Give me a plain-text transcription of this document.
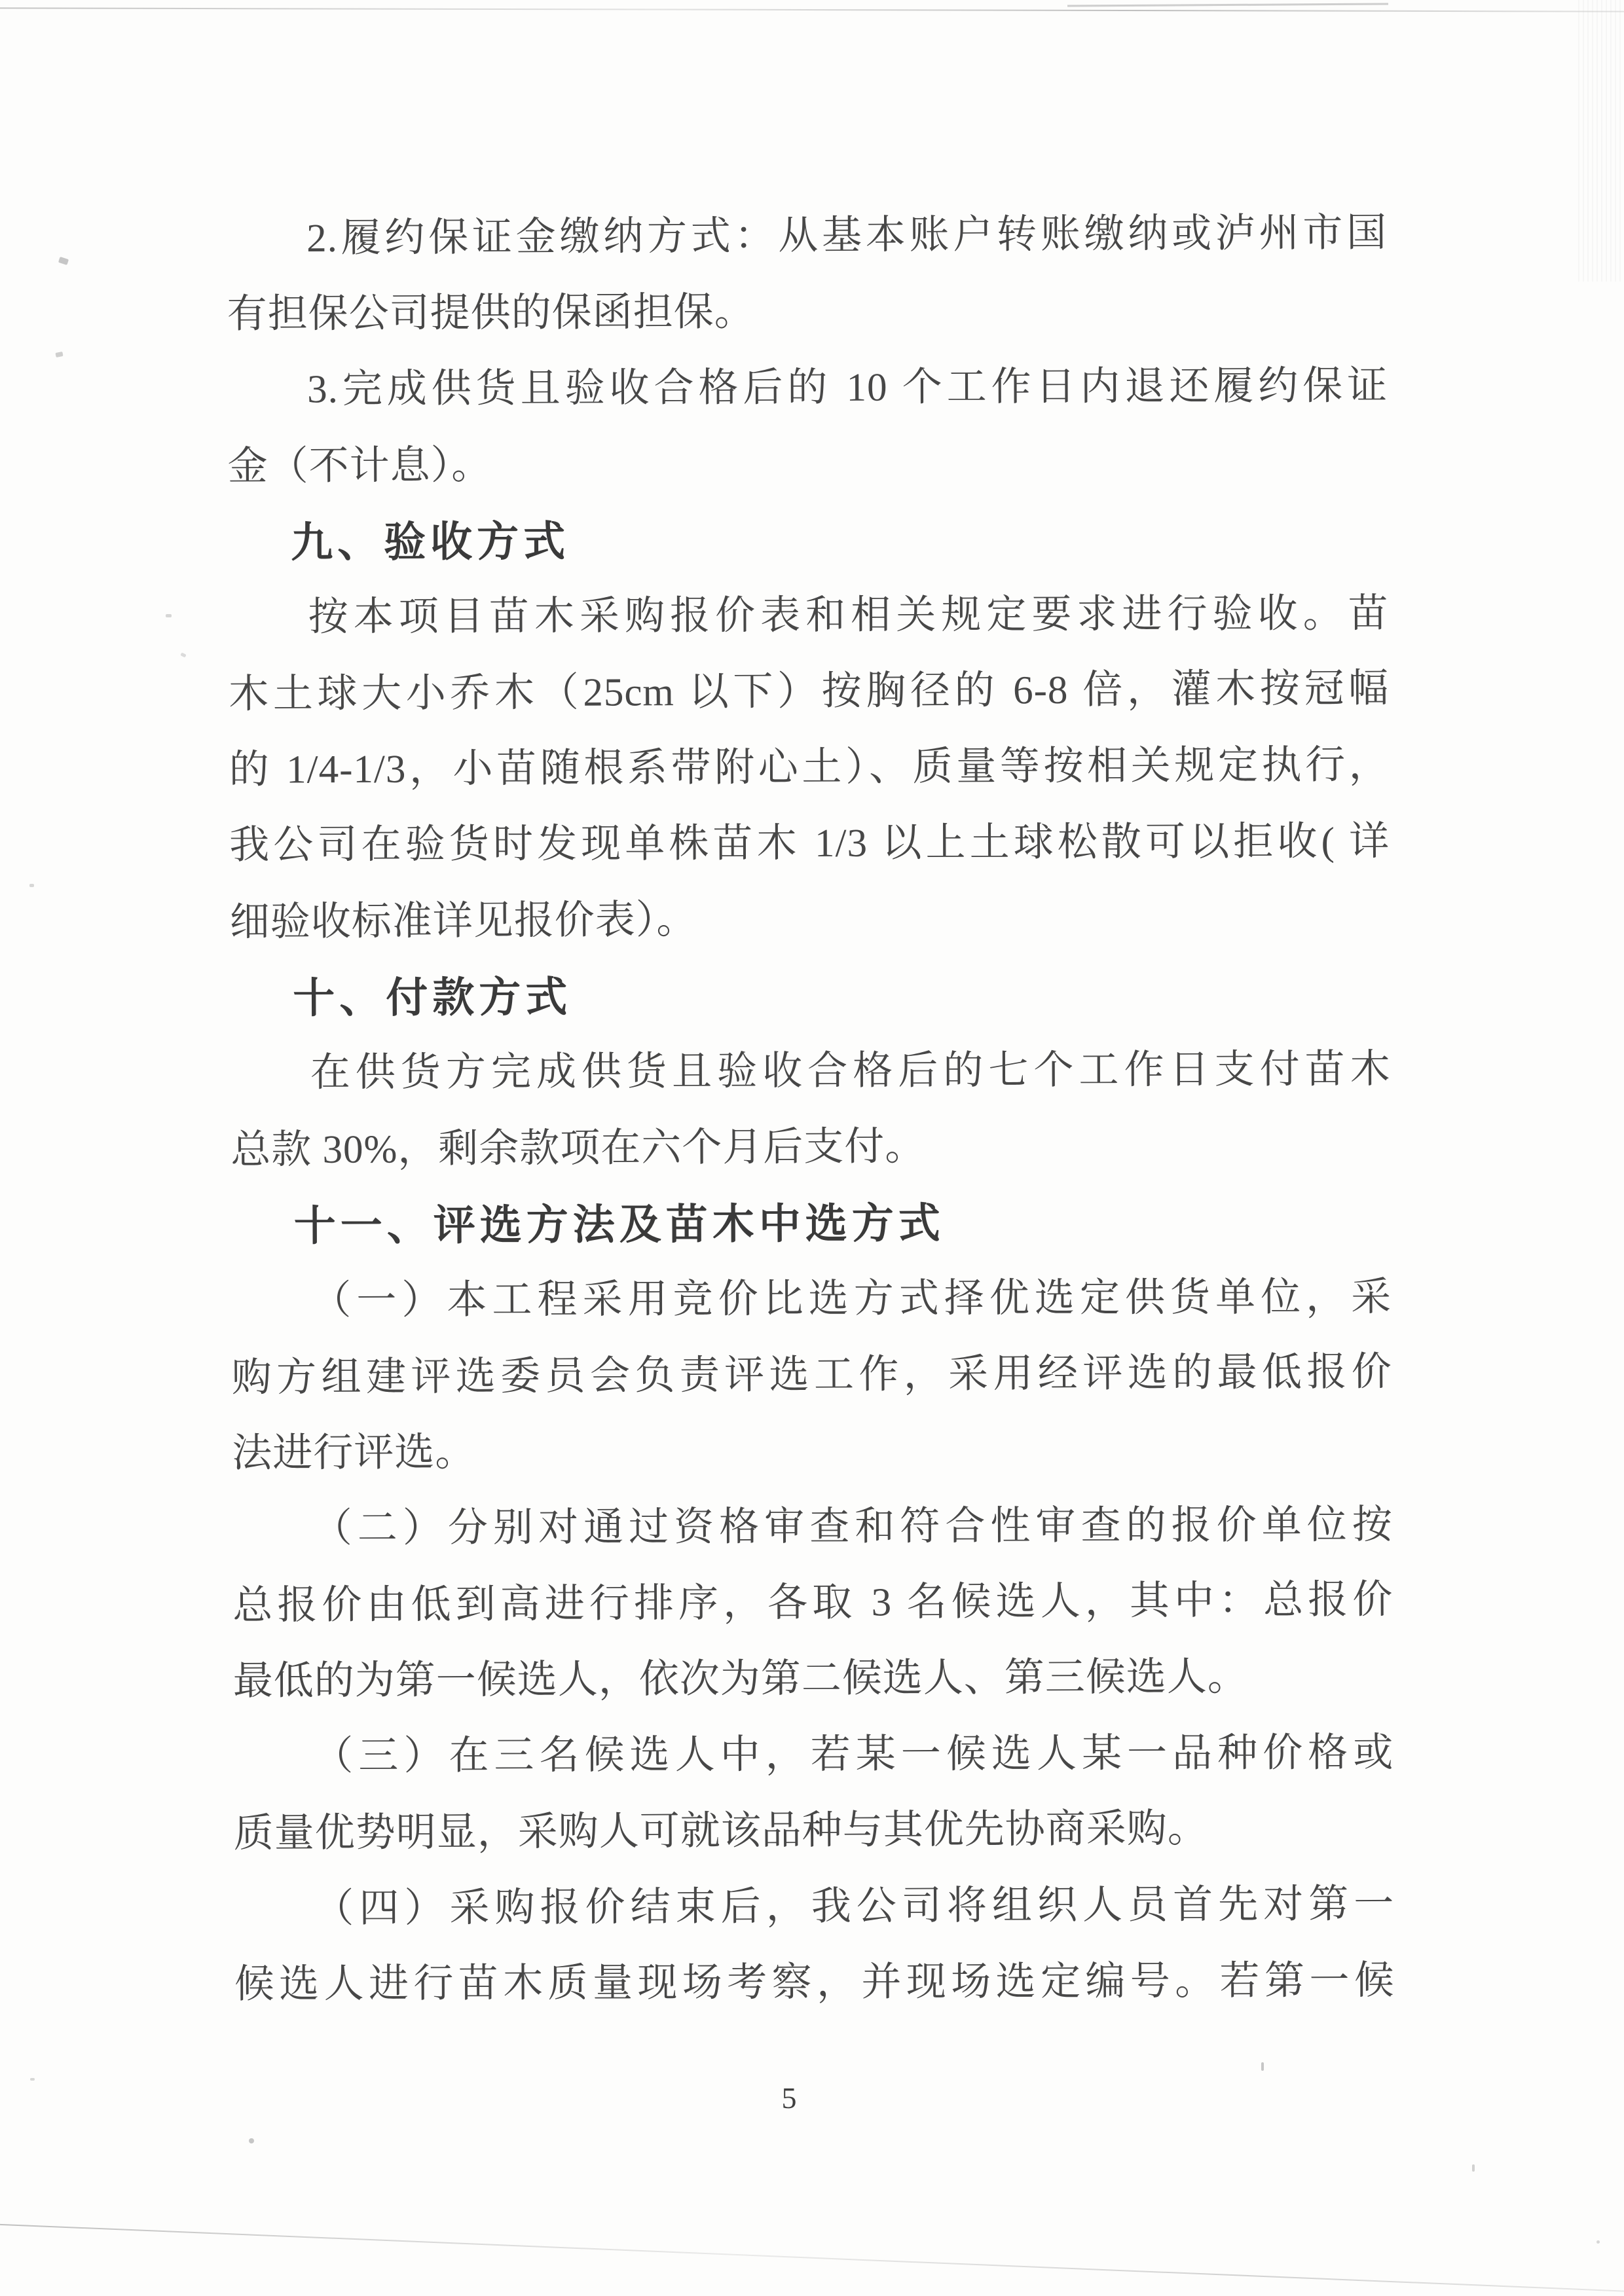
2.履约保证金缴纳方式：从基本账户转账缴纳或泸州市国
有担保公司提供的保函担保。
3.完成供货且验收合格后的 10 个工作日内退还履约保证
金（不计息）。
九、验收方式
按本项目苗木采购报价表和相关规定要求进行验收。苗
木土球大小乔木（25cm 以下）按胸径的 6-8 倍，灌木按冠幅
的 1/4-1/3，小苗随根系带附心土）、质量等按相关规定执行，
我公司在验货时发现单株苗木 1/3 以上土球松散可以拒收( 详
细验收标准详见报价表）。
十、付款方式
在供货方完成供货且验收合格后的七个工作日支付苗木
总款 30%，剩余款项在六个月后支付。
十一、评选方法及苗木中选方式
（一）本工程采用竞价比选方式择优选定供货单位，采
购方组建评选委员会负责评选工作，采用经评选的最低报价
法进行评选。
（二）分别对通过资格审查和符合性审查的报价单位按
总报价由低到高进行排序，各取 3 名候选人，其中：总报价
最低的为第一候选人，依次为第二候选人、第三候选人。
（三）在三名候选人中，若某一候选人某一品种价格或
质量优势明显，采购人可就该品种与其优先协商采购。
（四）采购报价结束后，我公司将组织人员首先对第一
候选人进行苗木质量现场考察，并现场选定编号。若第一候
5
